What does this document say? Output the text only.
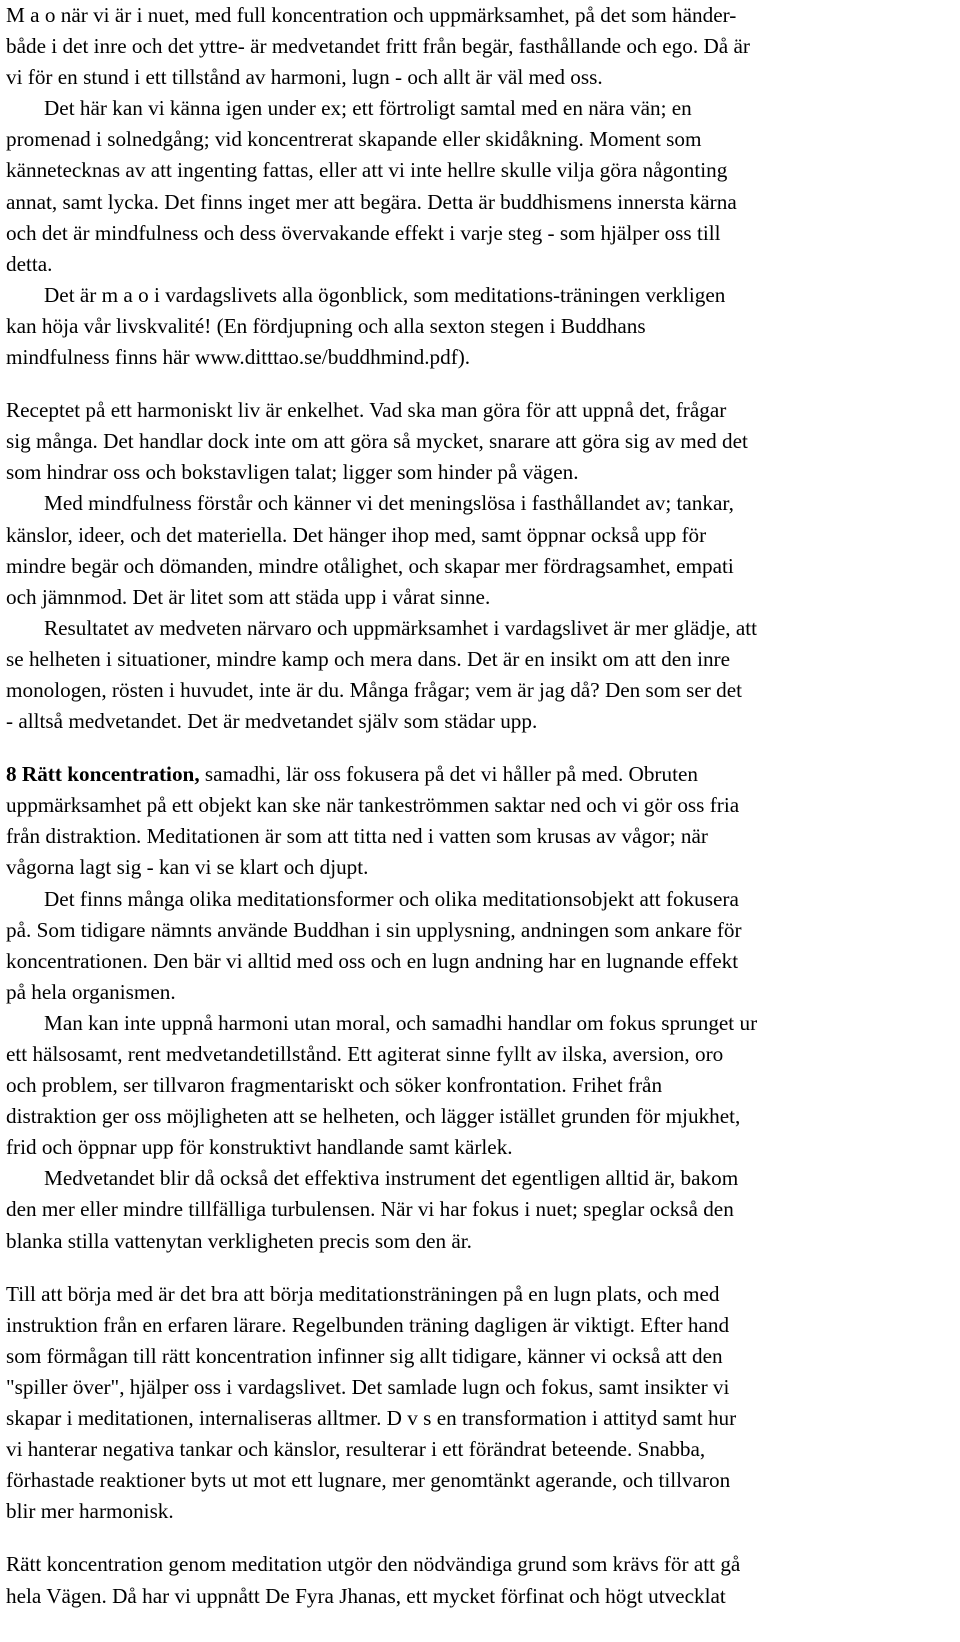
M a o när vi är i nuet, med full koncentration och uppmärksamhet, på det som händer-
både i det inre och det yttre- är medvetandet fritt från begär, fasthållande och ego. Då är
vi för en stund i ett tillstånd av harmoni, lugn - och allt är väl med oss.
Det här kan vi känna igen under ex; ett förtroligt samtal med en nära vän; en
promenad i solnedgång; vid koncentrerat skapande eller skidåkning. Moment som
kännetecknas av att ingenting fattas, eller att vi inte hellre skulle vilja göra någonting
annat, samt lycka. Det finns inget mer att begära. Detta är buddhismens innersta kärna
och det är mindfulness och dess övervakande effekt i varje steg - som hjälper oss till
detta.
Det är m a o i vardagslivets alla ögonblick, som meditations-träningen verkligen
kan höja vår livskvalité! (En fördjupning och alla sexton stegen i Buddhans
mindfulness finns här www.ditttao.se/buddhmind.pdf).
Receptet på ett harmoniskt liv är enkelhet. Vad ska man göra för att uppnå det, frågar
sig många. Det handlar dock inte om att göra så mycket, snarare att göra sig av med det
som hindrar oss och bokstavligen talat; ligger som hinder på vägen.
Med mindfulness förstår och känner vi det meningslösa i fasthållandet av; tankar,
känslor, ideer, och det materiella. Det hänger ihop med, samt öppnar också upp för
mindre begär och dömanden, mindre otålighet, och skapar mer fördragsamhet, empati
och jämnmod. Det är litet som att städa upp i vårat sinne.
Resultatet av medveten närvaro och uppmärksamhet i vardagslivet är mer glädje, att
se helheten i situationer, mindre kamp och mera dans. Det är en insikt om att den inre
monologen, rösten i huvudet, inte är du. Många frågar; vem är jag då? Den som ser det
- alltså medvetandet. Det är medvetandet själv som städar upp.
8 Rätt koncentration, samadhi, lär oss fokusera på det vi håller på med. Obruten
uppmärksamhet på ett objekt kan ske när tankeströmmen saktar ned och vi gör oss fria
från distraktion. Meditationen är som att titta ned i vatten som krusas av vågor; när
vågorna lagt sig - kan vi se klart och djupt.
Det finns många olika meditationsformer och olika meditationsobjekt att fokusera
på. Som tidigare nämnts använde Buddhan i sin upplysning, andningen som ankare för
koncentrationen. Den bär vi alltid med oss och en lugn andning har en lugnande effekt
på hela organismen.
Man kan inte uppnå harmoni utan moral, och samadhi handlar om fokus sprunget ur
ett hälsosamt, rent medvetandetillstånd. Ett agiterat sinne fyllt av ilska, aversion, oro
och problem, ser tillvaron fragmentariskt och söker konfrontation. Frihet från
distraktion ger oss möjligheten att se helheten, och lägger istället grunden för mjukhet,
frid och öppnar upp för konstruktivt handlande samt kärlek.
Medvetandet blir då också det effektiva instrument det egentligen alltid är, bakom
den mer eller mindre tillfälliga turbulensen. När vi har fokus i nuet; speglar också den
blanka stilla vattenytan verkligheten precis som den är.
Till att börja med är det bra att börja meditationsträningen på en lugn plats, och med
instruktion från en erfaren lärare. Regelbunden träning dagligen är viktigt. Efter hand
som förmågan till rätt koncentration infinner sig allt tidigare, känner vi också att den
"spiller över", hjälper oss i vardagslivet. Det samlade lugn och fokus, samt insikter vi
skapar i meditationen, internaliseras alltmer. D v s en transformation i attityd samt hur
vi hanterar negativa tankar och känslor, resulterar i ett förändrat beteende. Snabba,
förhastade reaktioner byts ut mot ett lugnare, mer genomtänkt agerande, och tillvaron
blir mer harmonisk.
Rätt koncentration genom meditation utgör den nödvändiga grund som krävs för att gå
hela Vägen. Då har vi uppnått De Fyra Jhanas, ett mycket förfinat och högt utvecklat
